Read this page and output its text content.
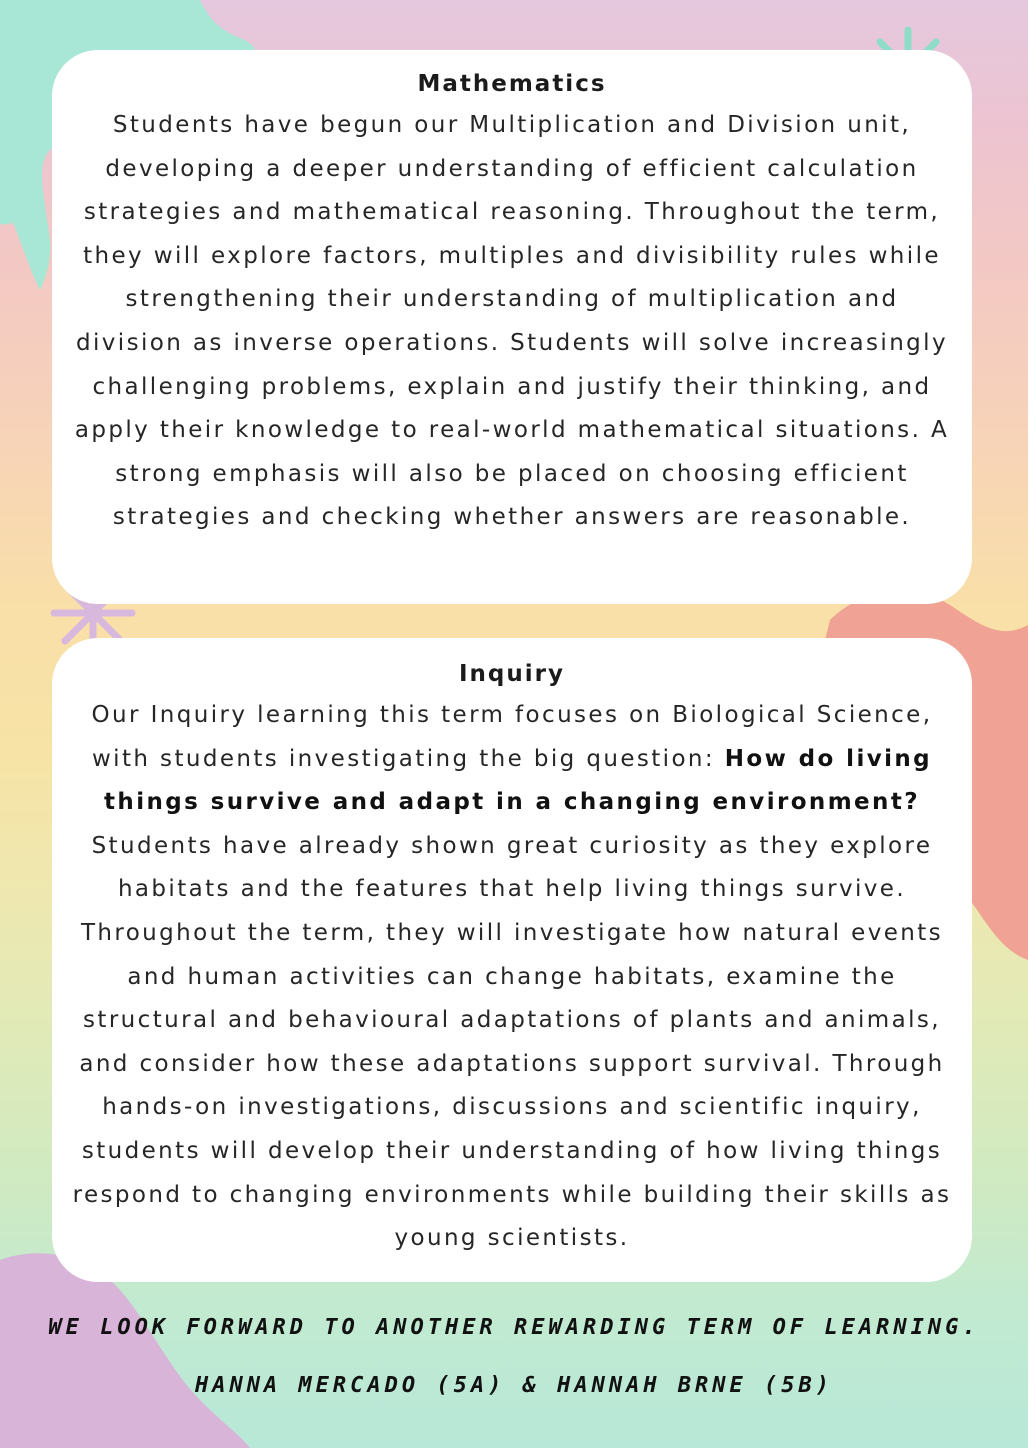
Mathematics

Students have begun our Multiplication and Division unit, developing a deeper understanding of efficient calculation strategies and mathematical reasoning. Throughout the term, they will explore factors, multiples and divisibility rules while strengthening their understanding of multiplication and division as inverse operations. Students will solve increasingly challenging problems, explain and justify their thinking, and apply their knowledge to real-world mathematical situations. A strong emphasis will also be placed on choosing efficient strategies and checking whether answers are reasonable.

Inquiry

Our Inquiry learning this term focuses on Biological Science, with students investigating the big question: How do living things survive and adapt in a changing environment? Students have already shown great curiosity as they explore habitats and the features that help living things survive. Throughout the term, they will investigate how natural events and human activities can change habitats, examine the structural and behavioural adaptations of plants and animals, and consider how these adaptations support survival. Through hands-on investigations, discussions and scientific inquiry, students will develop their understanding of how living things respond to changing environments while building their skills as young scientists.

WE LOOK FORWARD TO ANOTHER REWARDING TERM OF LEARNING.
HANNA MERCADO (5A) & HANNAH BRNE (5B)
